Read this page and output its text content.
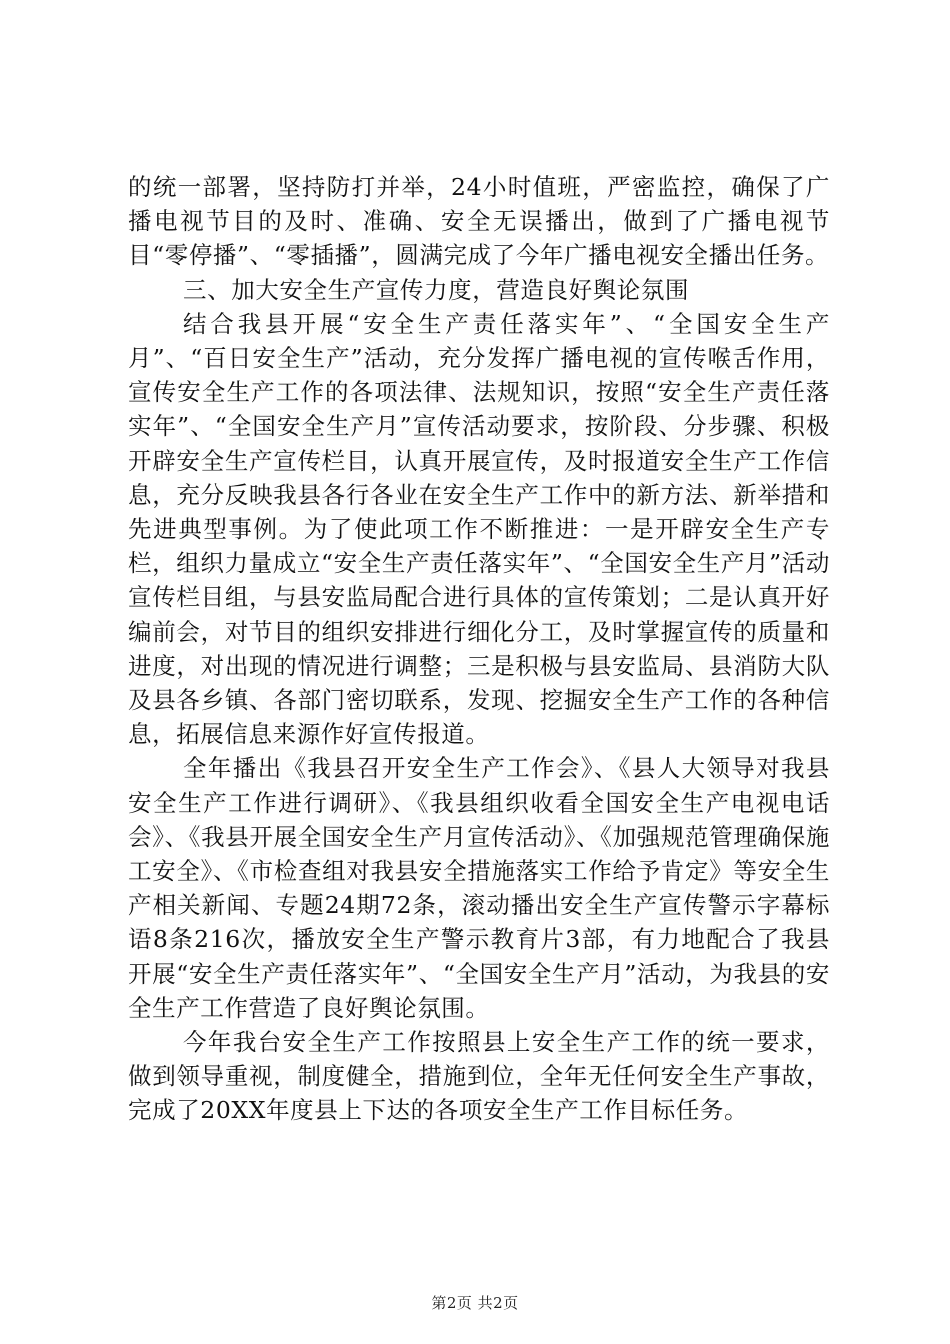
的统一部署，坚持防打并举，24小时值班，严密监控，确保了广播电视节目的及时、准确、安全无误播出，做到了广播电视节目“零停播”、“零插播”，圆满完成了今年广播电视安全播出任务。

三、加大安全生产宣传力度，营造良好舆论氛围

结合我县开展“安全生产责任落实年”、“全国安全生产月”、“百日安全生产”活动，充分发挥广播电视的宣传喉舌作用，宣传安全生产工作的各项法律、法规知识，按照“安全生产责任落实年”、“全国安全生产月”宣传活动要求，按阶段、分步骤、积极开辟安全生产宣传栏目，认真开展宣传，及时报道安全生产工作信息，充分反映我县各行各业在安全生产工作中的新方法、新举措和先进典型事例。为了使此项工作不断推进：一是开辟安全生产专栏，组织力量成立“安全生产责任落实年”、“全国安全生产月”活动宣传栏目组，与县安监局配合进行具体的宣传策划；二是认真开好编前会，对节目的组织安排进行细化分工，及时掌握宣传的质量和进度，对出现的情况进行调整；三是积极与县安监局、县消防大队及县各乡镇、各部门密切联系，发现、挖掘安全生产工作的各种信息，拓展信息来源作好宣传报道。

全年播出《我县召开安全生产工作会》、《县人大领导对我县安全生产工作进行调研》、《我县组织收看全国安全生产电视电话会》、《我县开展全国安全生产月宣传活动》、《加强规范管理确保施工安全》、《市检查组对我县安全措施落实工作给予肯定》等安全生产相关新闻、专题24期72条，滚动播出安全生产宣传警示字幕标语8条216次，播放安全生产警示教育片3部，有力地配合了我县开展“安全生产责任落实年”、“全国安全生产月”活动，为我县的安全生产工作营造了良好舆论氛围。

今年我台安全生产工作按照县上安全生产工作的统一要求，做到领导重视，制度健全，措施到位，全年无任何安全生产事故，完成了20XX年度县上下达的各项安全生产工作目标任务。

第2页 共2页
